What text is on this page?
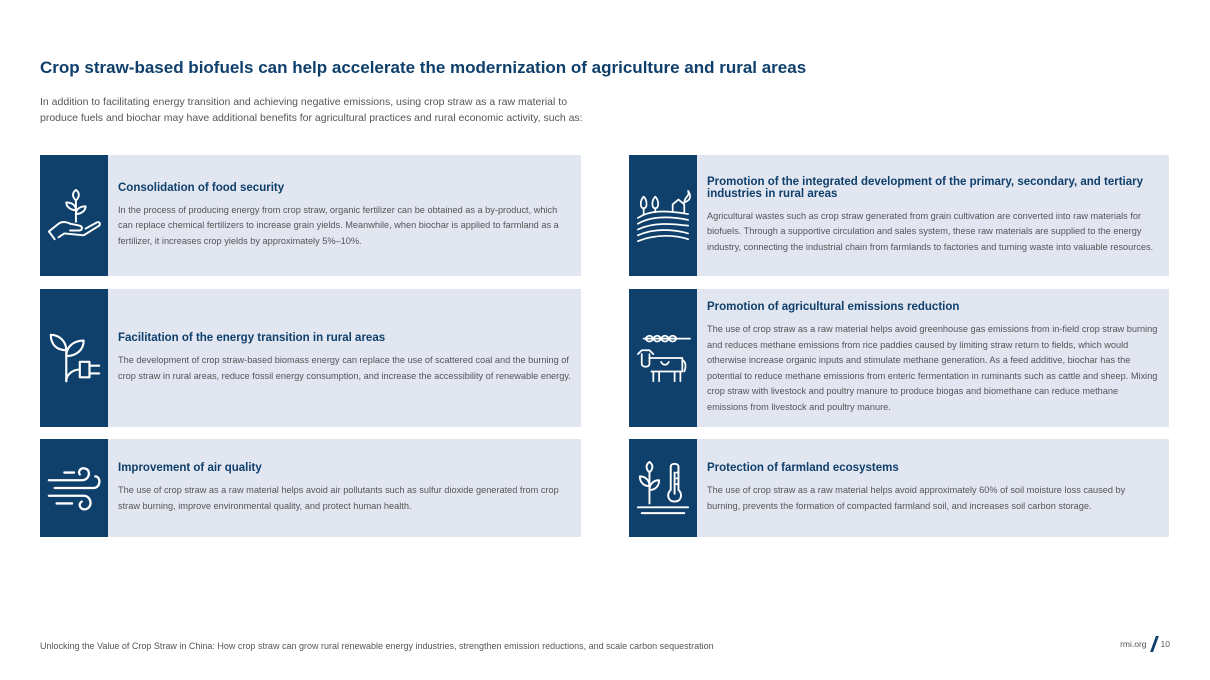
Crop straw-based biofuels can help accelerate the modernization of agriculture and rural areas

In addition to facilitating energy transition and achieving negative emissions, using crop straw as a raw material to produce fuels and biochar may have additional benefits for agricultural practices and rural economic activity, such as:

Consolidation of food security

In the process of producing energy from crop straw, organic fertilizer can be obtained as a by-product, which can replace chemical fertilizers to increase grain yields. Meanwhile, when biochar is applied to farmland as a fertilizer, it increases crop yields by approximately 5%–10%.

Promotion of the integrated development of the primary, secondary, and tertiary industries in rural areas

Agricultural wastes such as crop straw generated from grain cultivation are converted into raw materials for biofuels. Through a supportive circulation and sales system, these raw materials are supplied to the energy industry, connecting the industrial chain from farmlands to factories and turning waste into valuable resources.

Facilitation of the energy transition in rural areas

The development of crop straw-based biomass energy can replace the use of scattered coal and the burning of crop straw in rural areas, reduce fossil energy consumption, and increase the accessibility of renewable energy.

Promotion of agricultural emissions reduction

The use of crop straw as a raw material helps avoid greenhouse gas emissions from in-field crop straw burning and reduces methane emissions from rice paddies caused by limiting straw return to fields, which would otherwise increase organic inputs and stimulate methane generation. As a feed additive, biochar has the potential to reduce methane emissions from enteric fermentation in ruminants such as cattle and sheep. Mixing crop straw with livestock and poultry manure to produce biogas and biomethane can reduce methane emissions from livestock and poultry manure.

Improvement of air quality

The use of crop straw as a raw material helps avoid air pollutants such as sulfur dioxide generated from crop straw burning, improve environmental quality, and protect human health.

Protection of farmland ecosystems

The use of crop straw as a raw material helps avoid approximately 60% of soil moisture loss caused by burning, prevents the formation of compacted farmland soil, and increases soil carbon storage.

Unlocking the Value of Crop Straw in China: How crop straw can grow rural renewable energy industries, strengthen emission reductions, and scale carbon sequestration	rmi.org 10
